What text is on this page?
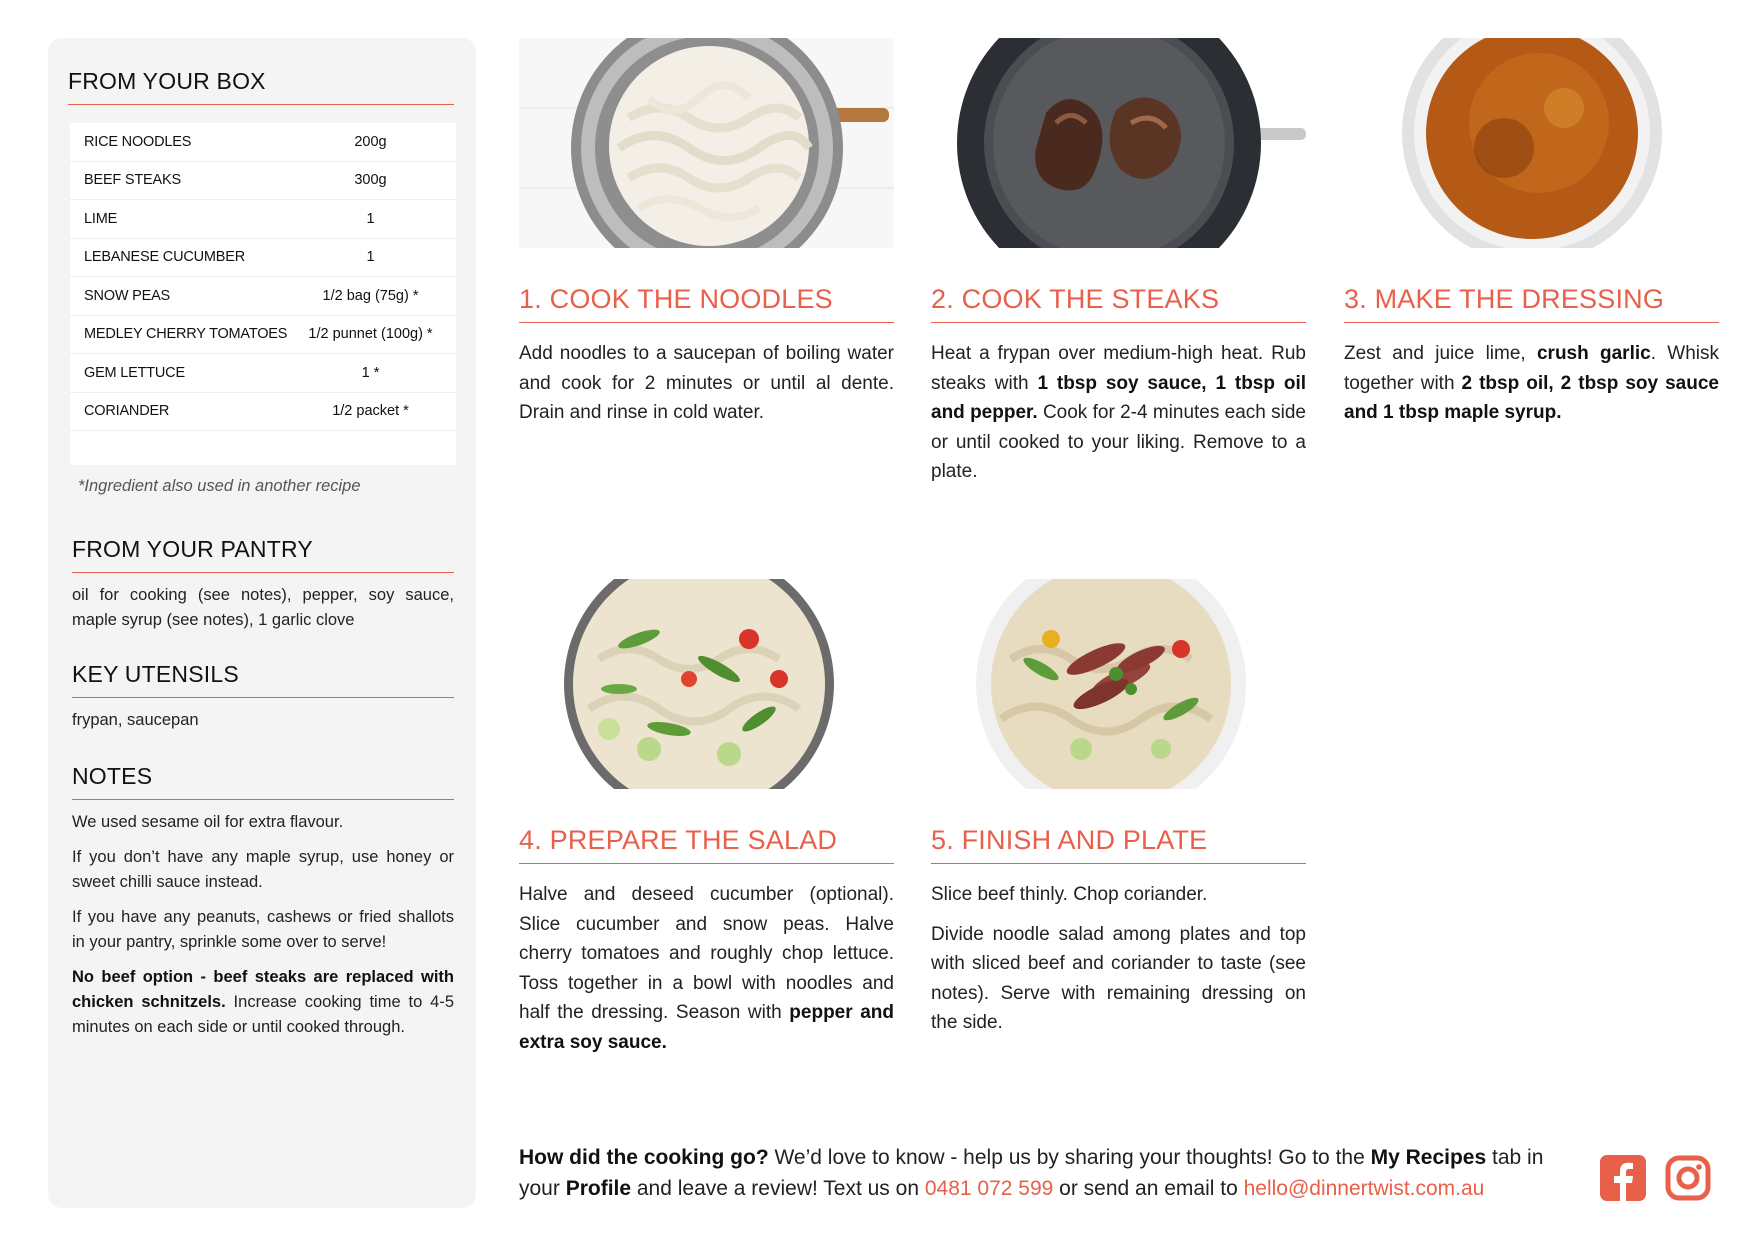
FROM YOUR BOX
RICE NOODLES	200g
BEEF STEAKS	300g
LIME	1
LEBANESE CUCUMBER	1
SNOW PEAS	1/2 bag (75g) *
MEDLEY CHERRY TOMATOES	1/2 punnet (100g) *
GEM LETTUCE	1 *
CORIANDER	1/2 packet *
*Ingredient also used in another recipe
FROM YOUR PANTRY

oil for cooking (see notes), pepper, soy sauce, maple syrup (see notes), 1 garlic clove

KEY UTENSILS

frypan, saucepan

NOTES

We used sesame oil for extra flavour.

If you don’t have any maple syrup, use honey or sweet chilli sauce instead.

If you have any peanuts, cashews or fried shallots in your pantry, sprinkle some over to serve!

No beef option - beef steaks are replaced with chicken schnitzels. Increase cooking time to 4-5 minutes on each side or until cooked through.

1. COOK THE NOODLES

Add noodles to a saucepan of boiling water and cook for 2 minutes or until al dente. Drain and rinse in cold water.

2. COOK THE STEAKS

Heat a frypan over medium-high heat. Rub steaks with 1 tbsp soy sauce, 1 tbsp oil and pepper. Cook for 2-4 minutes each side or until cooked to your liking. Remove to a plate.

3. MAKE THE DRESSING

Zest and juice lime, crush garlic. Whisk together with 2 tbsp oil, 2 tbsp soy sauce and 1 tbsp maple syrup.

4. PREPARE THE SALAD

Halve and deseed cucumber (optional). Slice cucumber and snow peas. Halve cherry tomatoes and roughly chop lettuce. Toss together in a bowl with noodles and half the dressing. Season with pepper and extra soy sauce.

5. FINISH AND PLATE

Slice beef thinly. Chop coriander.

Divide noodle salad among plates and top with sliced beef and coriander to taste (see notes). Serve with remaining dressing on the side.

How did the cooking go? We’d love to know - help us by sharing your thoughts! Go to the My Recipes tab in your Profile and leave a review! Text us on 0481 072 599 or send an email to hello@dinnertwist.com.au
